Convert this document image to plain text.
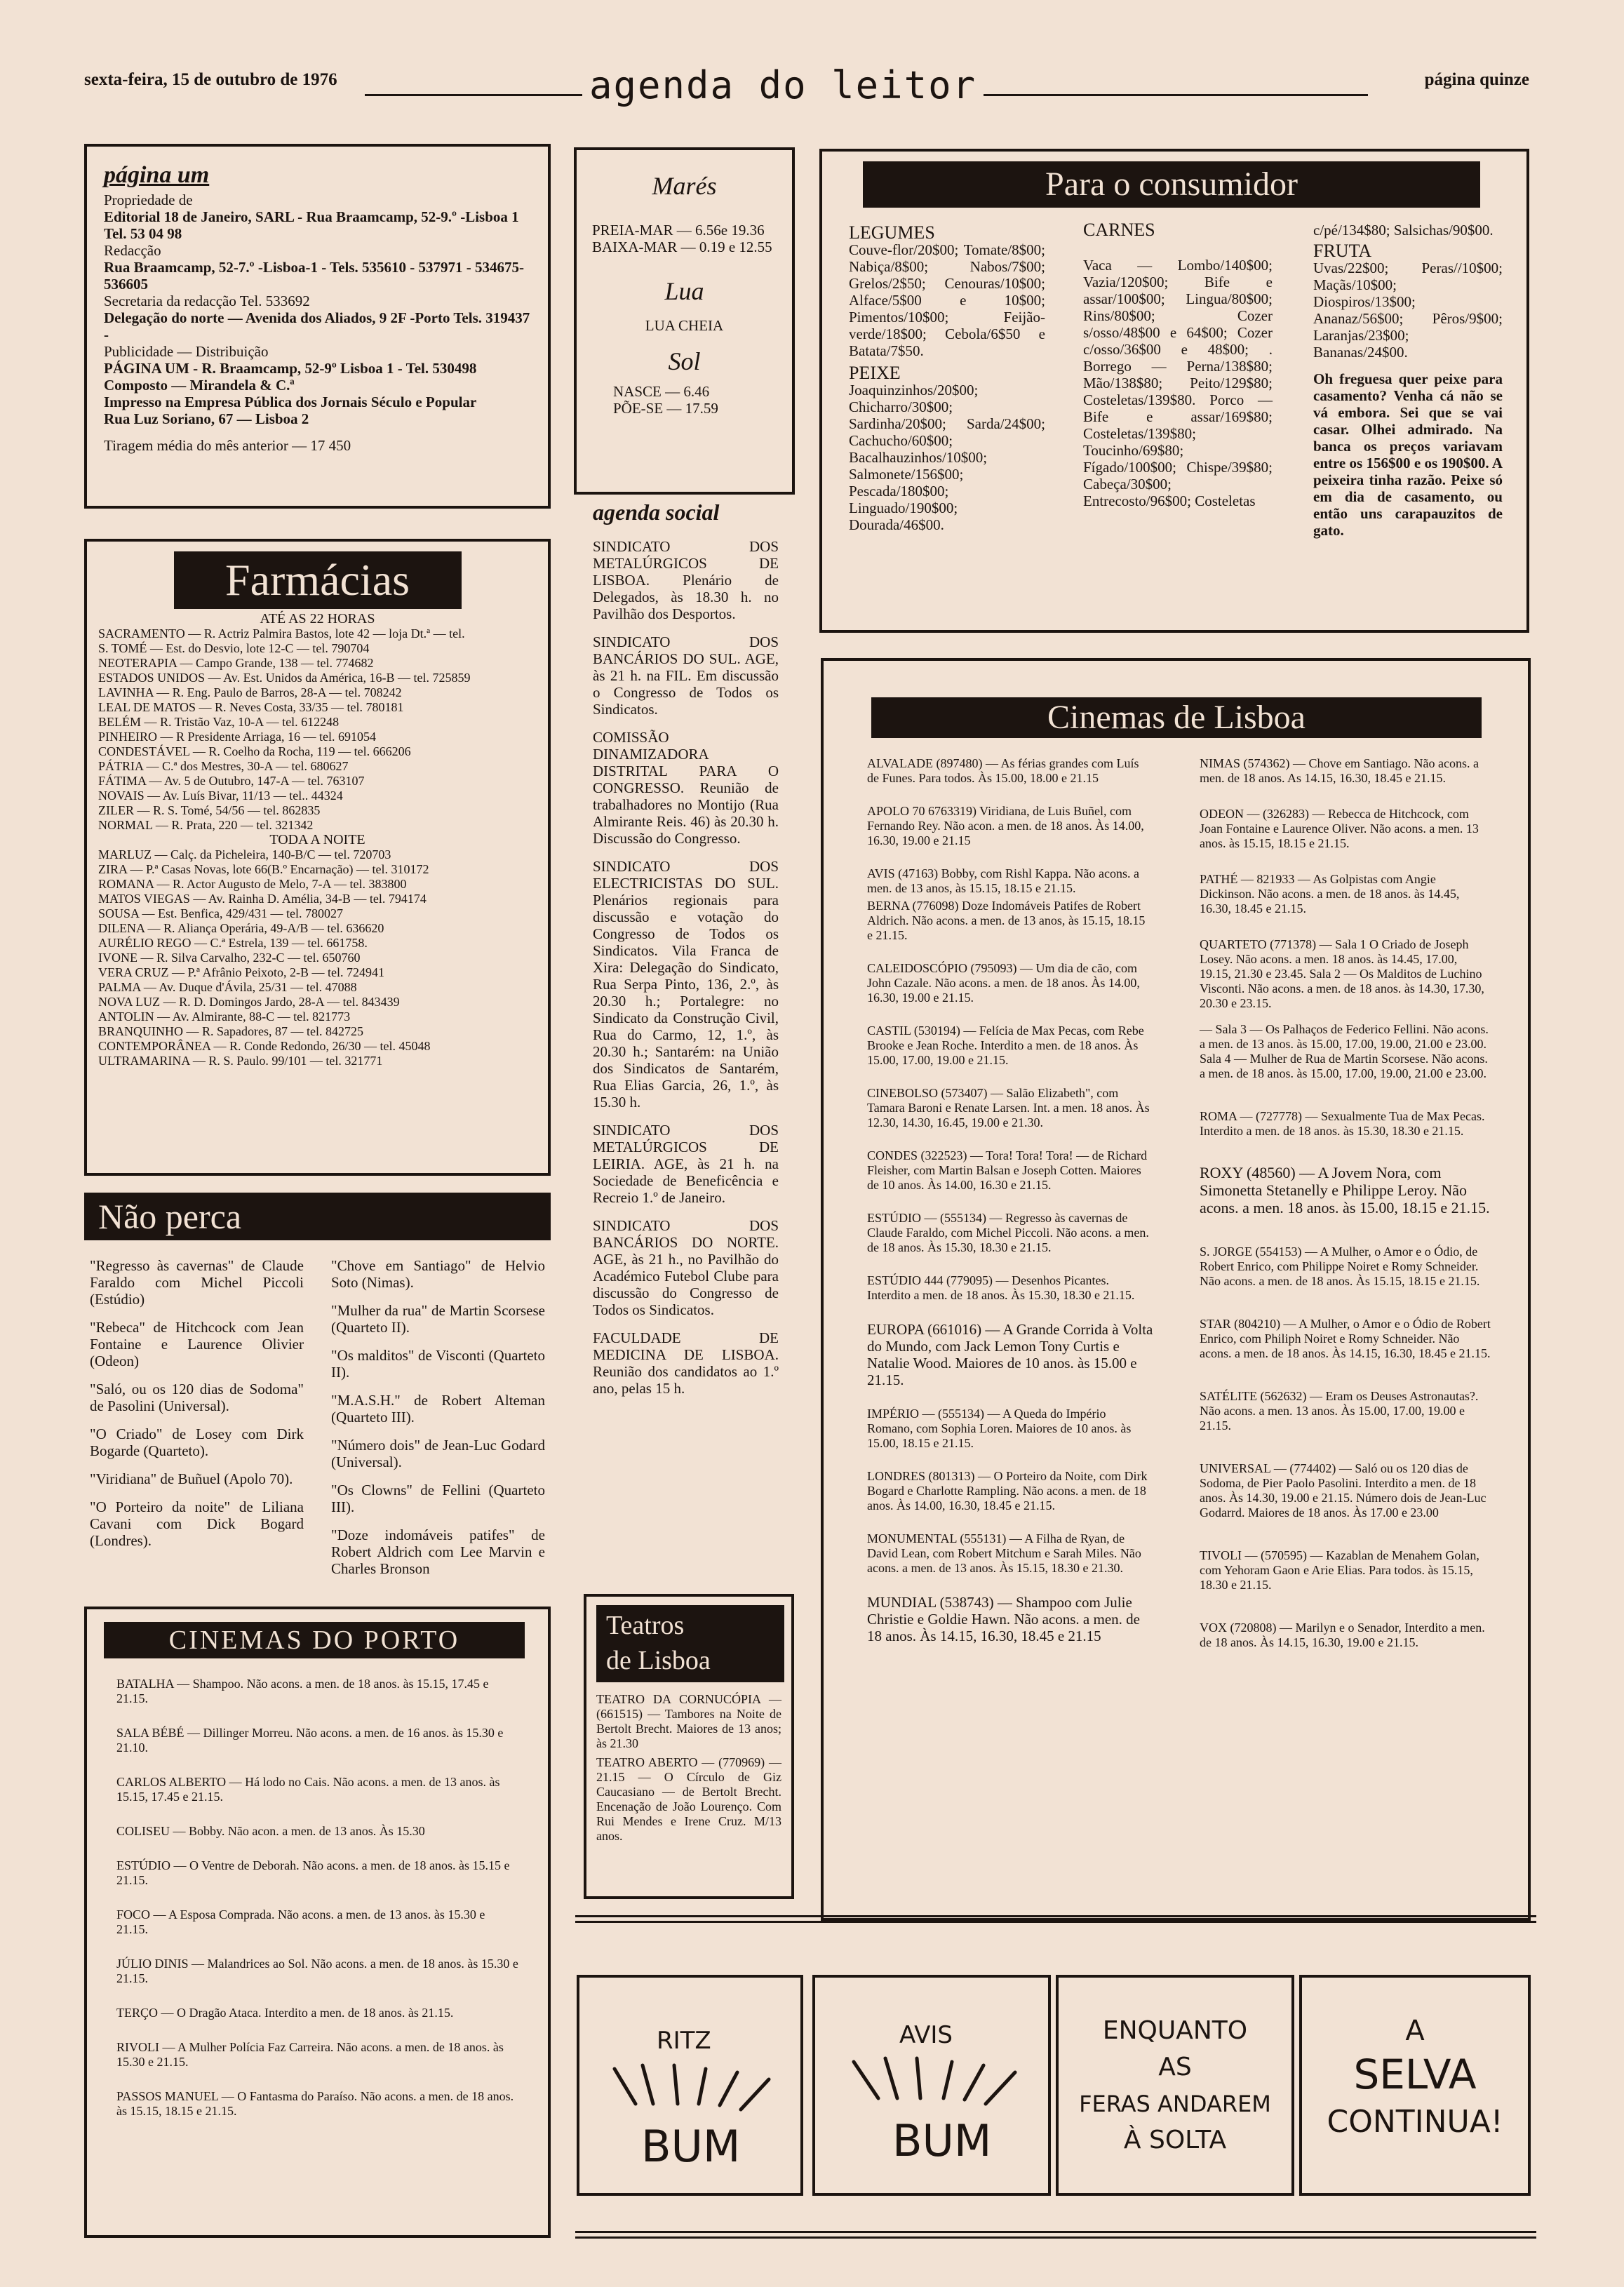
sexta-feira, 15 de outubro de 1976	agenda do leitor	página quinze
página um

Propriedade de

Editorial 18 de Janeiro, SARL - Rua Braamcamp, 52-9.º -Lisboa 1 Tel. 53 04 98

Redacção

Rua Braamcamp, 52-7.º -Lisboa-1 - Tels. 535610 - 537971 - 534675- 536605

Secretaria da redacção Tel. 533692

Delegação do norte — Avenida dos Aliados, 9 2F -Porto Tels. 319437 -

Publicidade — Distribuição

PÁGINA UM - R. Braamcamp, 52-9º Lisboa 1 - Tel. 530498

Composto — Mirandela & C.ª

Impresso na Empresa Pública dos Jornais Século e Popular

Rua Luz Soriano, 67 — Lisboa 2

Tiragem média do mês anterior — 17 450

Marés
PREIA-MAR — 6.56e 19.36
BAIXA-MAR — 0.19 e 12.55
Lua
LUA CHEIA
Sol
NASCE — 6.46
PÕE-SE — 17.59
Para o consumidor
LEGUMES
Couve-flor/20$00; Tomate/8$00; Nabiça/8$00; Nabos/7$00; Grelos/2$50; Cenouras/10$00; Alface/5$00 e 10$00; Pimentos/10$00; Feijão-verde/18$00; Cebola/6$50 e Batata/7$50.
PEIXE
Joaquinzinhos/20$00; Chicharro/30$00; Sardinha/20$00; Sarda/24$00; Cachucho/60$00; Bacalhauzinhos/10$00; Salmonete/156$00; Pescada/180$00; Linguado/190$00; Dourada/46$00.
CARNES
Vaca — Lombo/140$00; Vazia/120$00; Bife e assar/100$00; Lingua/80$00; Rins/80$00; Cozer s/osso/48$00 e 64$00; Cozer c/osso/36$00 e 48$00; . Borrego — Perna/138$80; Mão/138$80; Peito/129$80; Costeletas/139$80. Porco — Bife e assar/169$80; Costeletas/139$80; Toucinho/69$80; Fígado/100$00; Chispe/39$80; Cabeça/30$00; Entrecosto/96$00; Costeletas
c/pé/134$80; Salsichas/90$00.
FRUTA
Uvas/22$00; Peras//10$00; Maçãs/10$00; Diospiros/13$00; Ananaz/56$00; Pêros/9$00; Laranjas/23$00; Bananas/24$00.
Oh freguesa quer peixe para casamento? Venha cá não se vá embora. Sei que se vai casar. Olhei admirado. Na banca os preços variavam entre os 156$00 e os 190$00. A peixeira tinha razão. Peixe só em dia de casamento, ou então uns carapauzitos de gato.
Farmácias
ATÉ AS 22 HORAS
SACRAMENTO — R. Actriz Palmira Bastos, lote 42 — loja Dt.ª — tel.
S. TOMÉ — Est. do Desvio, lote 12-C — tel. 790704
NEOTERAPIA — Campo Grande, 138 — tel. 774682
ESTADOS UNIDOS — Av. Est. Unidos da América, 16-B — tel. 725859
LAVINHA — R. Eng. Paulo de Barros, 28-A — tel. 708242
LEAL DE MATOS — R. Neves Costa, 33/35 — tel. 780181
BELÉM — R. Tristão Vaz, 10-A — tel. 612248
PINHEIRO — R Presidente Arriaga, 16 — tel. 691054
CONDESTÁVEL — R. Coelho da Rocha, 119 — tel. 666206
PÁTRIA — C.ª dos Mestres, 30-A — tel. 680627
FÁTIMA — Av. 5 de Outubro, 147-A — tel. 763107
NOVAIS — Av. Luís Bivar, 11/13 — tel.. 44324
ZILER — R. S. Tomé, 54/56 — tel. 862835
NORMAL — R. Prata, 220 — tel. 321342
TODA A NOITE
MARLUZ — Calç. da Picheleira, 140-B/C — tel. 720703
ZIRA — P.ª Casas Novas, lote 66(B.º Encarnação) — tel. 310172
ROMANA — R. Actor Augusto de Melo, 7-A — tel. 383800
MATOS VIEGAS — Av. Rainha D. Amélia, 34-B — tel. 794174
SOUSA — Est. Benfica, 429/431 — tel. 780027
DILENA — R. Aliança Operária, 49-A/B — tel. 636620
AURÉLIO REGO — C.ª Estrela, 139 — tel. 661758.
IVONE — R. Silva Carvalho, 232-C — tel. 650760
VERA CRUZ — P.ª Afrânio Peixoto, 2-B — tel. 724941
PALMA — Av. Duque d'Ávila, 25/31 — tel. 47088
NOVA LUZ — R. D. Domingos Jardo, 28-A — tel. 843439
ANTOLIN — Av. Almirante, 88-C — tel. 821773
BRANQUINHO — R. Sapadores, 87 — tel. 842725
CONTEMPORÂNEA — R. Conde Redondo, 26/30 — tel. 45048
ULTRAMARINA — R. S. Paulo. 99/101 — tel. 321771
Não perca
"Regresso às cavernas" de Claude Faraldo com Michel Piccoli (Estúdio)
"Rebeca" de Hitchcock com Jean Fontaine e Laurence Olivier (Odeon)
"Saló, ou os 120 dias de Sodoma" de Pasolini (Universal).
"O Criado" de Losey com Dirk Bogarde (Quarteto).
"Viridiana" de Buñuel (Apolo 70).
"O Porteiro da noite" de Liliana Cavani com Dick Bogard (Londres).
"Chove em Santiago" de Helvio Soto (Nimas).
"Mulher da rua" de Martin Scorsese (Quarteto II).
"Os malditos" de Visconti (Quarteto II).
"M.A.S.H." de Robert Alteman (Quarteto III).
"Número dois" de Jean-Luc Godard (Universal).
"Os Clowns" de Fellini (Quarteto III).
"Doze indomáveis patifes" de Robert Aldrich com Lee Marvin e Charles Bronson
CINEMAS DO PORTO
BATALHA — Shampoo. Não acons. a men. de 18 anos. às 15.15, 17.45 e 21.15.
SALA BÉBÉ — Dillinger Morreu. Não acons. a men. de 16 anos. às 15.30 e 21.10.
CARLOS ALBERTO — Há lodo no Cais. Não acons. a men. de 13 anos. às 15.15, 17.45 e 21.15.
COLISEU — Bobby. Não acon. a men. de 13 anos. Às 15.30
ESTÚDIO — O Ventre de Deborah. Não acons. a men. de 18 anos. às 15.15 e 21.15.
FOCO — A Esposa Comprada. Não acons. a men. de 13 anos. às 15.30 e 21.15.
JÚLIO DINIS — Malandrices ao Sol. Não acons. a men. de 18 anos. às 15.30 e 21.15.
TERÇO — O Dragão Ataca. Interdito a men. de 18 anos. às 21.15.
RIVOLI — A Mulher Polícia Faz Carreira. Não acons. a men. de 18 anos. às 15.30 e 21.15.
PASSOS MANUEL — O Fantasma do Paraíso. Não acons. a men. de 18 anos. às 15.15, 18.15 e 21.15.
agenda social
SINDICATO DOS METALÚRGICOS DE LISBOA. Plenário de Delegados, às 18.30 h. no Pavilhão dos Desportos.
SINDICATO DOS BANCÁRIOS DO SUL. AGE, às 21 h. na FIL. Em discussão o Congresso de Todos os Sindicatos.
COMISSÃO DINAMIZADORA DISTRITAL PARA O CONGRESSO. Reunião de trabalhadores no Montijo (Rua Almirante Reis. 46) às 20.30 h. Discussão do Congresso.
SINDICATO DOS ELECTRICISTAS DO SUL. Plenários regionais para discussão e votação do Congresso de Todos os Sindicatos. Vila Franca de Xira: Delegação do Sindicato, Rua Serpa Pinto, 136, 2.º, às 20.30 h.; Portalegre: no Sindicato da Construção Civil, Rua do Carmo, 12, 1.º, às 20.30 h.; Santarém: na União dos Sindicatos de Santarém, Rua Elias Garcia, 26, 1.º, às 15.30 h.
SINDICATO DOS METALÚRGICOS DE LEIRIA. AGE, às 21 h. na Sociedade de Beneficência e Recreio 1.º de Janeiro.
SINDICATO DOS BANCÁRIOS DO NORTE. AGE, às 21 h., no Pavilhão do Académico Futebol Clube para discussão do Congresso de Todos os Sindicatos.
FACULDADE DE MEDICINA DE LISBOA. Reunião dos candidatos ao 1.º ano, pelas 15 h.
Teatros
de Lisboa
TEATRO DA CORNUCÓPIA — (661515) — Tambores na Noite de Bertolt Brecht. Maiores de 13 anos; às 21.30
TEATRO ABERTO — (770969) — 21.15 — O Círculo de Giz Caucasiano — de Bertolt Brecht. Encenação de João Lourenço. Com Rui Mendes e Irene Cruz. M/13 anos.
Cinemas de Lisboa
ALVALADE (897480) — As férias grandes com Luís de Funes. Para todos. Às 15.00, 18.00 e 21.15
APOLO 70 6763319) Viridiana, de Luis Buñel, com Fernando Rey. Não acon. a men. de 18 anos. Às 14.00, 16.30, 19.00 e 21.15
AVIS (47163) Bobby, com Rishl Kappa. Não acons. a men. de 13 anos, às 15.15, 18.15 e 21.15.
BERNA (776098) Doze Indomáveis Patifes de Robert Aldrich. Não acons. a men. de 13 anos, às 15.15, 18.15 e 21.15.
CALEIDOSCÓPIO (795093) — Um dia de cão, com John Cazale. Não acons. a men. de 18 anos. Às 14.00, 16.30, 19.00 e 21.15.
CASTIL (530194) — Felícia de Max Pecas, com Rebe Brooke e Jean Roche. Interdito a men. de 18 anos. Às 15.00, 17.00, 19.00 e 21.15.
CINEBOLSO (573407) — Salão Elizabeth", com Tamara Baroni e Renate Larsen. Int. a men. 18 anos. Às 12.30, 14.30, 16.45, 19.00 e 21.30.
CONDES (322523) — Tora! Tora! Tora! — de Richard Fleisher, com Martin Balsan e Joseph Cotten. Maiores de 10 anos. Às 14.00, 16.30 e 21.15.
ESTÚDIO — (555134) — Regresso às cavernas de Claude Faraldo, com Michel Piccoli. Não acons. a men. de 18 anos. Às 15.30, 18.30 e 21.15.
ESTÚDIO 444 (779095) — Desenhos Picantes. Interdito a men. de 18 anos. Às 15.30, 18.30 e 21.15.
EUROPA (661016) — A Grande Corrida à Volta do Mundo, com Jack Lemon Tony Curtis e Natalie Wood. Maiores de 10 anos. às 15.00 e 21.15.
IMPÉRIO — (555134) — A Queda do Império Romano, com Sophia Loren. Maiores de 10 anos. às 15.00, 18.15 e 21.15.
LONDRES (801313) — O Porteiro da Noite, com Dirk Bogard e Charlotte Rampling. Não acons. a men. de 18 anos. Às 14.00, 16.30, 18.45 e 21.15.
MONUMENTAL (555131) — A Filha de Ryan, de David Lean, com Robert Mitchum e Sarah Miles. Não acons. a men. de 13 anos. Às 15.15, 18.30 e 21.30.
MUNDIAL (538743) — Shampoo com Julie Christie e Goldie Hawn. Não acons. a men. de 18 anos. Às 14.15, 16.30, 18.45 e 21.15
NIMAS (574362) — Chove em Santiago. Não acons. a men. de 18 anos. As 14.15, 16.30, 18.45 e 21.15.
ODEON — (326283) — Rebecca de Hitchcock, com Joan Fontaine e Laurence Oliver. Não acons. a men. 13 anos. às 15.15, 18.15 e 21.15.
PATHÉ — 821933 — As Golpistas com Angie Dickinson. Não acons. a men. de 18 anos. às 14.45, 16.30, 18.45 e 21.15.
QUARTETO (771378) — Sala 1 O Criado de Joseph Losey. Não acons. a men. 18 anos. às 14.45, 17.00, 19.15, 21.30 e 23.45. Sala 2 — Os Malditos de Luchino Visconti. Não acons. a men. de 18 anos. às 14.30, 17.30, 20.30 e 23.15.
— Sala 3 — Os Palhaços de Federico Fellini. Não acons. a men. de 13 anos. às 15.00, 17.00, 19.00, 21.00 e 23.00. Sala 4 — Mulher de Rua de Martin Scorsese. Não acons. a men. de 18 anos. às 15.00, 17.00, 19.00, 21.00 e 23.00.
ROMA — (727778) — Sexualmente Tua de Max Pecas. Interdito a men. de 18 anos. às 15.30, 18.30 e 21.15.
ROXY (48560) — A Jovem Nora, com Simonetta Stetanelly e Philippe Leroy. Não acons. a men. 18 anos. às 15.00, 18.15 e 21.15.
S. JORGE (554153) — A Mulher, o Amor e o Ódio, de Robert Enrico, com Philippe Noiret e Romy Schneider. Não acons. a men. de 18 anos. Às 15.15, 18.15 e 21.15.
STAR (804210) — A Mulher, o Amor e o Ódio de Robert Enrico, com Philiph Noiret e Romy Schneider. Não acons. a men. de 18 anos. Às 14.15, 16.30, 18.45 e 21.15.
SATÉLITE (562632) — Eram os Deuses Astronautas?. Não acons. a men. 13 anos. Às 15.00, 17.00, 19.00 e 21.15.
UNIVERSAL — (774402) — Saló ou os 120 dias de Sodoma, de Pier Paolo Pasolini. Interdito a men. de 18 anos. Às 14.30, 19.00 e 21.15. Número dois de Jean-Luc Godarrd. Maiores de 18 anos. Às 17.00 e 23.00
TIVOLI — (570595) — Kazablan de Menahem Golan, com Yehoram Gaon e Arie Elias. Para todos. às 15.15, 18.30 e 21.15.
VOX (720808) — Marilyn e o Senador, Interdito a men. de 18 anos. Às 14.15, 16.30, 19.00 e 21.15.
RITZ
BUM
AVIS
BUM
ENQUANTO
AS
FERAS ANDAREM
À SOLTA
A
SELVA
CONTINUA!
